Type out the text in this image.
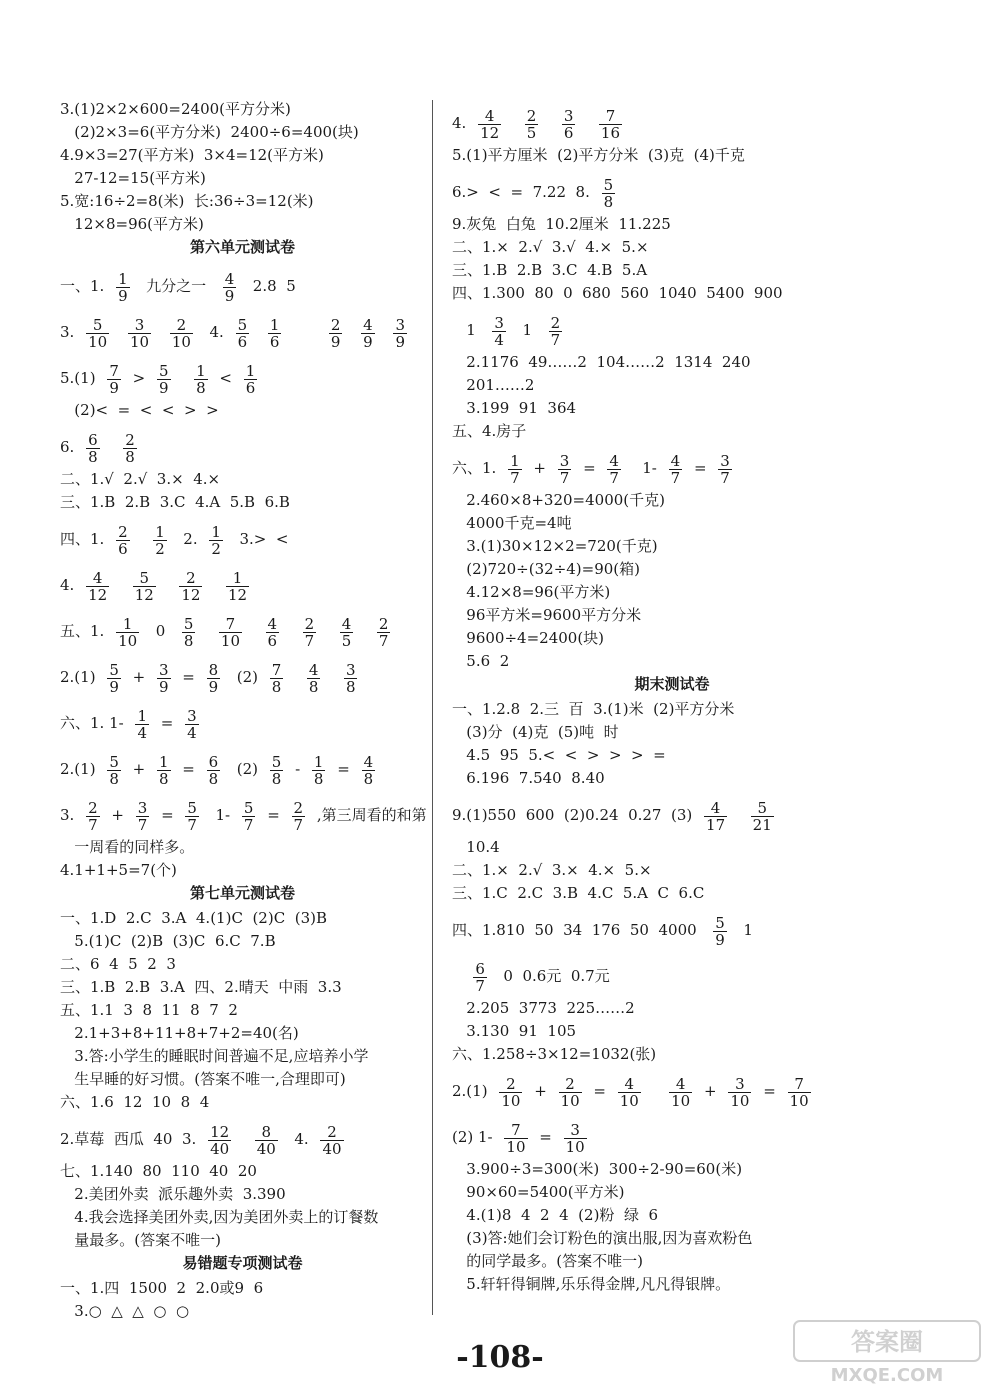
3.(1)2×2×600=2400(平方分米)
(2)2×3=6(平方分米)  2400÷6=400(块)
4.9×3=27(平方米)  3×4=12(平方米)
27-12=15(平方米)
5.宽:16÷2=8(米)  长:36÷3=12(米)
12×8=96(平方米)
第六单元测试卷
一、1. $\frac{1}{9}$ 九分之一 $\frac{4}{9} 2.8$  5
3. $\frac{5}{10}$
$\frac{3}{10}$
$\frac{2}{10} 4$. $\frac{5}{6}$
$\frac{1}{6}$
	$\frac{2}{9}$
$\frac{4}{9}$
$\frac{3}{9}$
$5.(1) \frac{7}{9} > \frac{5}{9}$
$\frac{1}{8} < \frac{1}{6}$
(2)<  =  <  <  >  >
6. $\frac{6}{8}$
$\frac{2}{8}$
二、1.√  2.√  3.×  4.×
三、1.B  2.B  3.C  4.A  5.B  6.B
四、1. $\frac{2}{6}$
$\frac{1}{2} 2$. $\frac{1}{2} 3.>$  <
4. $\frac{4}{12}$
$\frac{5}{12}$
$\frac{2}{12}$
$\frac{1}{12}$
五、1. $\frac{1}{10} 0 \frac{5}{8}$
$\frac{7}{10}$
$\frac{4}{6}$
$\frac{2}{7}$
$\frac{4}{5}$
$\frac{2}{7}$
$2.(1) \frac{5}{9} + \frac{3}{9} = \frac{8}{9} (2) \frac{7}{8}$
$\frac{4}{8}$
$\frac{3}{8}$
六、1. $1- \frac{1}{4} = \frac{3}{4}$
$2.(1) \frac{5}{8} + \frac{1}{8} = \frac{6}{8} (2) \frac{5}{8} - \frac{1}{8} = \frac{4}{8}$
3. $\frac{2}{7} + \frac{3}{7} = \frac{5}{7} 1- \frac{5}{7} = \frac{2}{7}$ ,第三周看的和第
一周看的同样多。
4.1+1+5=7(个)
第七单元测试卷
一、1.D  2.C  3.A  4.(1)C  (2)C  (3)B
5.(1)C  (2)B  (3)C  6.C  7.B
二、6  4  5  2  3
三、1.B  2.B  3.A  四、2.晴天  中雨  3.3
五、1.1  3  8  11  8  7  2
2.1+3+8+11+8+7+2=40(名)
3.答:小学生的睡眠时间普遍不足,应培养小学
生早睡的好习惯。(答案不唯一,合理即可)
六、1.6  12  10  8  4
2.草莓  西瓜  40  3. $\frac{12}{40}$
$\frac{8}{40} 4$. $\frac{2}{40}$
七、1.140  80  110  40  20
2.美团外卖  派乐趣外卖  3.390
4.我会选择美团外卖,因为美团外卖上的订餐数
量最多。(答案不唯一)
易错题专项测试卷
一、1.四  1500  2  2.0或9  6
3.○  △  △  ○  ○
4. $\frac{4}{12}$
$\frac{2}{5}$
$\frac{3}{6}$
$\frac{7}{16}$
5.(1)平方厘米  (2)平方分米  (3)克  (4)千克
6.>  <  =  7.22  8. $\frac{5}{8}$
9.灰兔  白兔  10.2厘米  11.225
二、1.×  2.√  3.√  4.×  5.×
三、1.B  2.B  3.C  4.B  5.A
四、1.300  80  0  680  560  1040  5400  900
$1 \frac{3}{4} 1 \frac{2}{7}$
2.1176  49……2  104……2  1314  240
201……2
3.199  91  364
五、4.房子
六、1. $\frac{1}{7} + \frac{3}{7} = \frac{4}{7} 1- \frac{4}{7} = \frac{3}{7}$
2.460×8+320=4000(千克)
4000千克=4吨
3.(1)30×12×2=720(千克)
(2)720÷(32÷4)=90(箱)
4.12×8=96(平方米)
96平方米=9600平方分米
9600÷4=2400(块)
5.6  2
期末测试卷
一、1.2.8  2.三  百  3.(1)米  (2)平方分米
(3)分  (4)克  (5)吨  时
4.5  95  5.<  <  >  >  >  =
6.196  7.540  8.40
9.(1)550  600  (2)0.24  0.27  $(3) \frac{4}{17}$
$\frac{5}{21}$
10.4
二、1.×  2.√  3.×  4.×  5.×
三、1.C  2.C  3.B  4.C  5.A  C  6.C
四、1.810  50  34  176  50  $4000 \frac{5}{9} 1$

$\frac{6}{7} 0$  0.6元  0.7元
2.205  3773  225……2
3.130  91  105
六、1.258÷3×12=1032(张)
$2.(1) \frac{2}{10} + \frac{2}{10} = \frac{4}{10}$
$\frac{4}{10} + \frac{3}{10} = \frac{7}{10}$
(2) $1- \frac{7}{10} = \frac{3}{10}$
3.900÷3=300(米)  300÷2-90=60(米)
90×60=5400(平方米)
4.(1)8  4  2  4  (2)粉  绿  6
(3)答:她们会订粉色的演出服,因为喜欢粉色
的同学最多。(答案不唯一)
5.轩轩得铜牌,乐乐得金牌,凡凡得银牌。
-108-	答案圈
MXQE.COM
